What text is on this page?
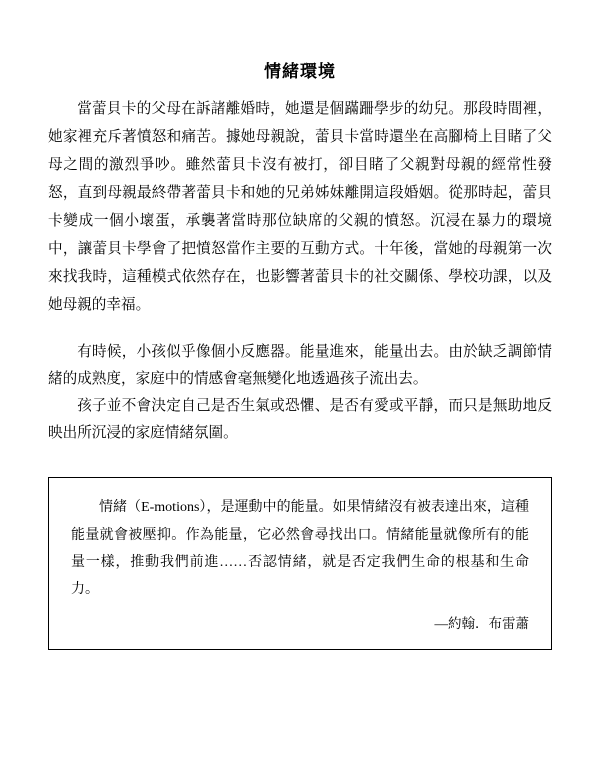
情緒環境

當蕾貝卡的父母在訴諸離婚時，她還是個蹣跚學步的幼兒。那段時間裡，她家裡充斥著憤怒和痛苦。據她母親說，蕾貝卡當時還坐在高腳椅上目睹了父母之間的激烈爭吵。雖然蕾貝卡沒有被打，卻目睹了父親對母親的經常性發怒，直到母親最終帶著蕾貝卡和她的兄弟姊妹離開這段婚姻。從那時起，蕾貝卡變成一個小壞蛋，承襲著當時那位缺席的父親的憤怒。沉浸在暴力的環境中，讓蕾貝卡學會了把憤怒當作主要的互動方式。十年後，當她的母親第一次來找我時，這種模式依然存在，也影響著蕾貝卡的社交關係、學校功課，以及她母親的幸福。

有時候，小孩似乎像個小反應器。能量進來，能量出去。由於缺乏調節情緒的成熟度，家庭中的情感會毫無變化地透過孩子流出去。

孩子並不會決定自己是否生氣或恐懼、是否有愛或平靜，而只是無助地反映出所沉浸的家庭情緒氛圍。

情緒（E-motions），是運動中的能量。如果情緒沒有被表達出來，這種能量就會被壓抑。作為能量，它必然會尋找出口。情緒能量就像所有的能量一樣，推動我們前進……否認情緒，就是否定我們生命的根基和生命力。

—約翰．布雷蕭
